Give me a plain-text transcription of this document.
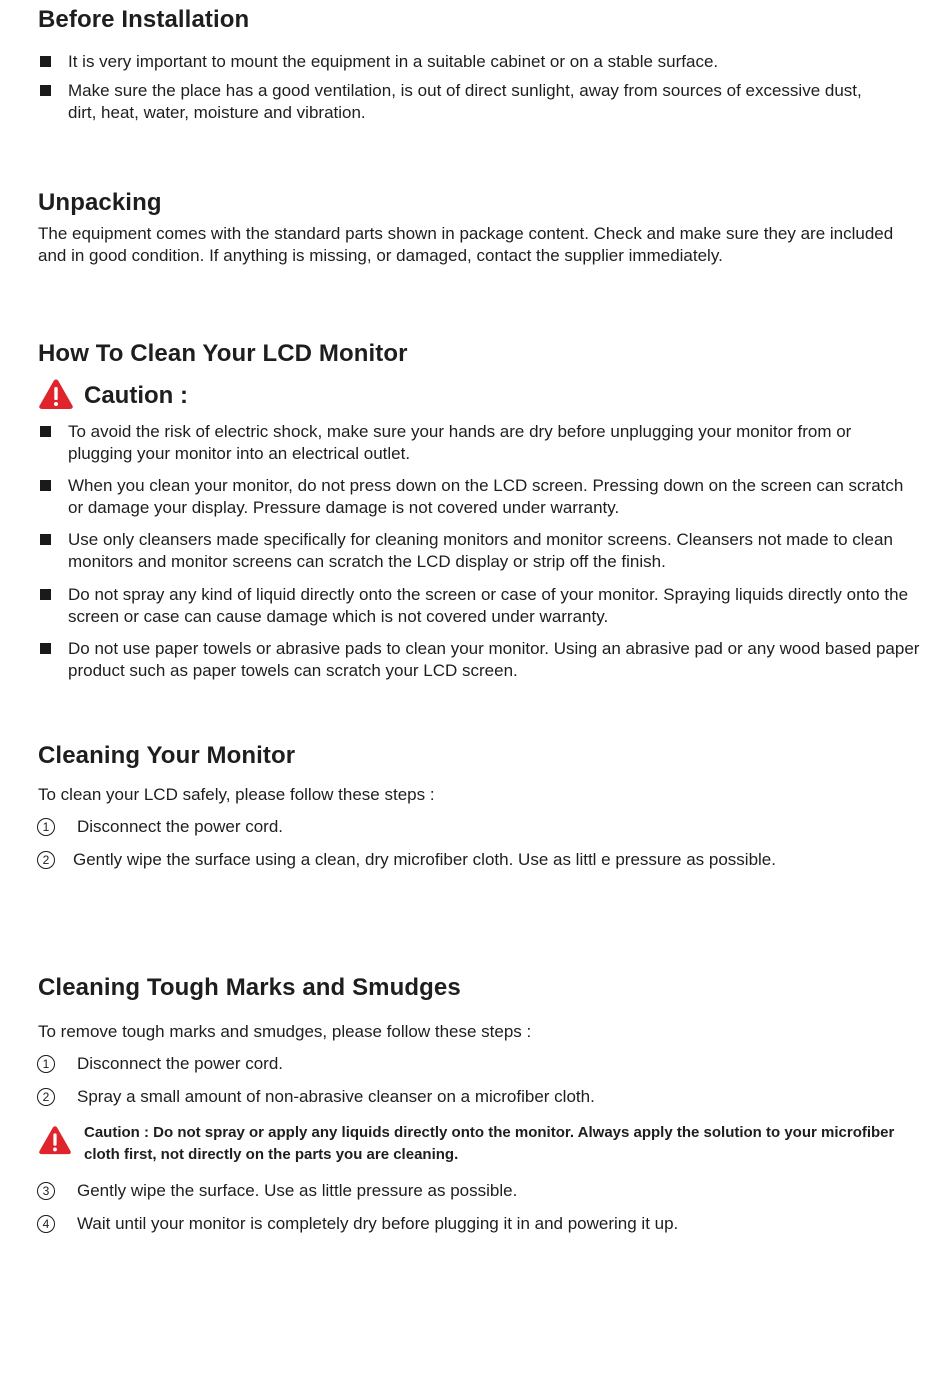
Before Installation
It is very important to mount the equipment in a suitable cabinet or on a stable surface.
Make sure the place has a good ventilation, is out of direct sunlight, away from sources of excessive dust, dirt, heat, water, moisture and vibration.
Unpacking
The equipment comes with the standard parts shown in package content. Check and make sure they are included and in good condition. If anything is missing, or damaged, contact the supplier immediately.
How To Clean Your LCD Monitor
Caution :
To avoid the risk of electric shock, make sure your hands are dry before unplugging your monitor from or  plugging your monitor into an electrical outlet.
When you clean your monitor, do not press down on the LCD screen. Pressing down on the screen can scratch or damage your display. Pressure damage is not covered under warranty.
Use only cleansers made specifically for cleaning monitors and monitor screens. Cleansers not made to clean monitors and monitor screens can scratch the LCD display or strip off the finish.
Do not spray any kind of liquid directly onto the screen or case of your monitor. Spraying liquids directly onto the screen or case can cause damage which is not covered under warranty.
Do not use paper towels or abrasive pads to clean your monitor. Using an abrasive pad or any wood based paper product such as paper towels can scratch your LCD screen.
Cleaning Your Monitor
To clean your LCD safely, please follow these steps :
1	Disconnect the power cord.
2	Gently wipe the surface using a clean, dry microfiber cloth. Use as littl e pressure as possible.
Cleaning Tough Marks and Smudges
To remove tough marks and smudges, please follow these steps :
1	Disconnect the power cord.
2	Spray a small amount of non-abrasive cleanser on a microfiber cloth.
Caution : Do not spray or apply any liquids directly onto the monitor. Always apply the solution to your microfiber cloth first, not directly on the parts you are cleaning.
3	Gently wipe the surface. Use as little pressure as possible.
4	Wait until your monitor is completely dry before plugging it in and powering it up.
